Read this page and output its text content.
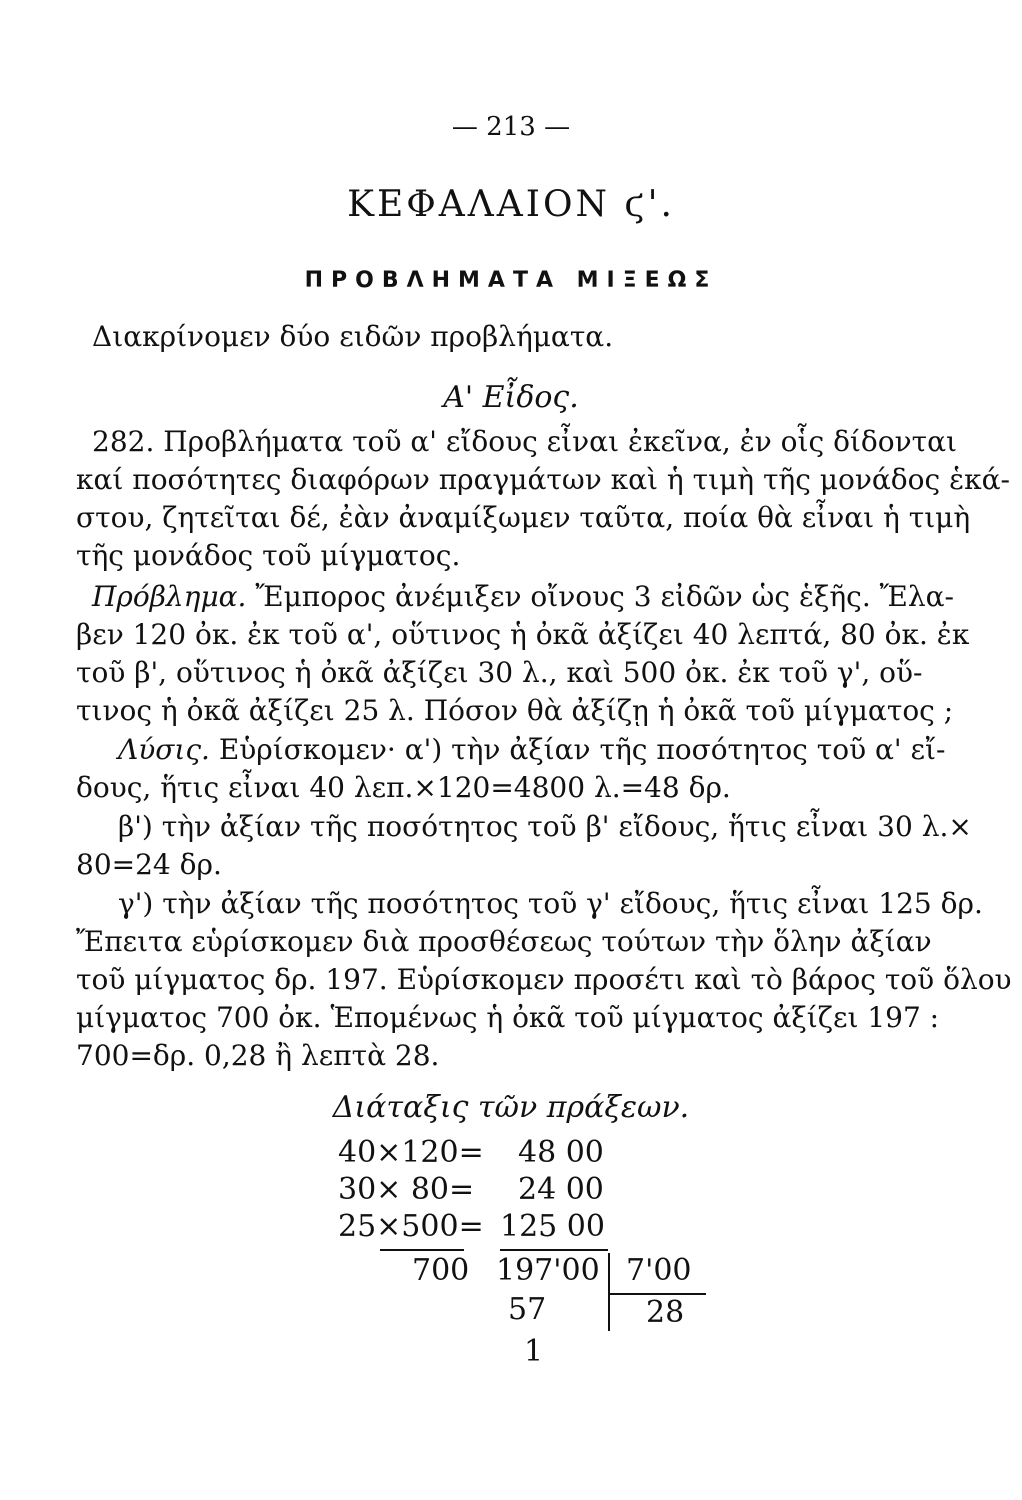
— 213 —
ΚΕΦΑΛΑΙΟΝ ϛ'.
ΠΡΟΒΛΗΜΑΤΑ ΜΙΞΕΩΣ
Διακρίνομεν δύο ειδῶν προβλήματα.
Α' Εἶδος.
282. Προβλήματα τοῦ α' εἴδους εἶναι ἐκεῖνα, ἐν οἷς δίδονται
καί ποσότητες διαφόρων πραγμάτων καὶ ἡ τιμὴ τῆς μονάδος ἑκά-
στου, ζητεῖται δέ, ἐὰν ἀναμίξωμεν ταῦτα, ποία θὰ εἶναι ἡ τιμὴ
τῆς μονάδος τοῦ μίγματος.
Πρόβλημα. Ἔμπορος ἀνέμιξεν οἴνους 3 εἰδῶν ὡς ἑξῆς. Ἔλα-
βεν 120 ὀκ. ἐκ τοῦ α', οὕτινος ἡ ὀκᾶ ἀξίζει 40 λεπτά, 80 ὀκ. ἐκ
τοῦ β', οὕτινος ἡ ὀκᾶ ἀξίζει 30 λ., καὶ 500 ὀκ. ἐκ τοῦ γ', οὕ-
τινος ἡ ὀκᾶ ἀξίζει 25 λ. Πόσον θὰ ἀξίζῃ ἡ ὀκᾶ τοῦ μίγματος ;
Λύσις. Εὑρίσκομεν· α') τὴν ἀξίαν τῆς ποσότητος τοῦ α' εἴ-
δους, ἥτις εἶναι 40 λεπ.×120=4800 λ.=48 δρ.
β') τὴν ἀξίαν τῆς ποσότητος τοῦ β' εἴδους, ἥτις εἶναι 30 λ.×
80=24 δρ.
γ') τὴν ἀξίαν τῆς ποσότητος τοῦ γ' εἴδους, ἥτις εἶναι 125 δρ.
Ἔπειτα εὑρίσκομεν διὰ προσθέσεως τούτων τὴν ὅλην ἀξίαν
τοῦ μίγματος δρ. 197. Εὑρίσκομεν προσέτι καὶ τὸ βάρος τοῦ ὅλου
μίγματος 700 ὀκ. Ἑπομένως ἡ ὀκᾶ τοῦ μίγματος ἀξίζει 197 :
700=δρ. 0,28 ἢ λεπτὰ 28.
Διάταξις τῶν πράξεων.
40×120= 48 00
30× 80= 24 00
25×500= 125 00
700 197'00 7'00
57	28
1
